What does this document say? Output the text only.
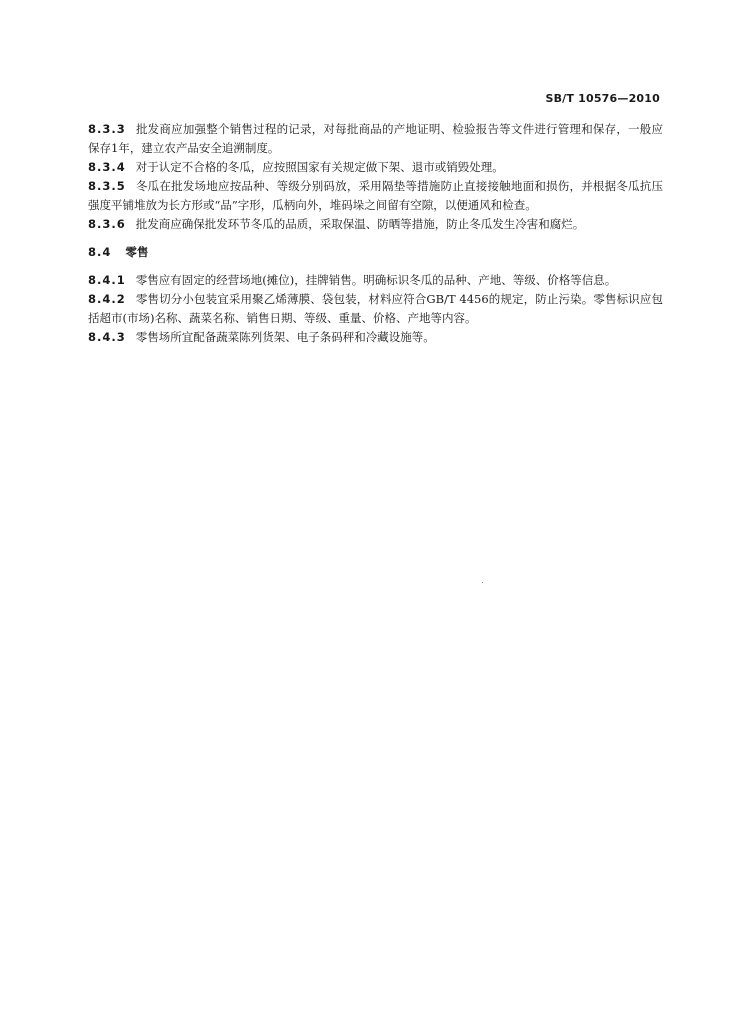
SB/T 10576—2010

8.3.3 批发商应加强整个销售过程的记录，对每批商品的产地证明、检验报告等文件进行管理和保存，一般应保存1年，建立农产品安全追溯制度。

8.3.4 对于认定不合格的冬瓜，应按照国家有关规定做下架、退市或销毁处理。

8.3.5 冬瓜在批发场地应按品种、等级分别码放，采用隔垫等措施防止直接接触地面和损伤，并根据冬瓜抗压强度平铺堆放为长方形或“品”字形，瓜柄向外，堆码垛之间留有空隙，以便通风和检查。

8.3.6 批发商应确保批发环节冬瓜的品质，采取保温、防晒等措施，防止冬瓜发生冷害和腐烂。

8.4 零售

8.4.1 零售应有固定的经营场地(摊位)，挂牌销售。明确标识冬瓜的品种、产地、等级、价格等信息。

8.4.2 零售切分小包装宜采用聚乙烯薄膜、袋包装，材料应符合GB/T 4456的规定，防止污染。零售标识应包括超市(市场)名称、蔬菜名称、销售日期、等级、重量、价格、产地等内容。

8.4.3 零售场所宜配备蔬菜陈列货架、电子条码秤和冷藏设施等。
